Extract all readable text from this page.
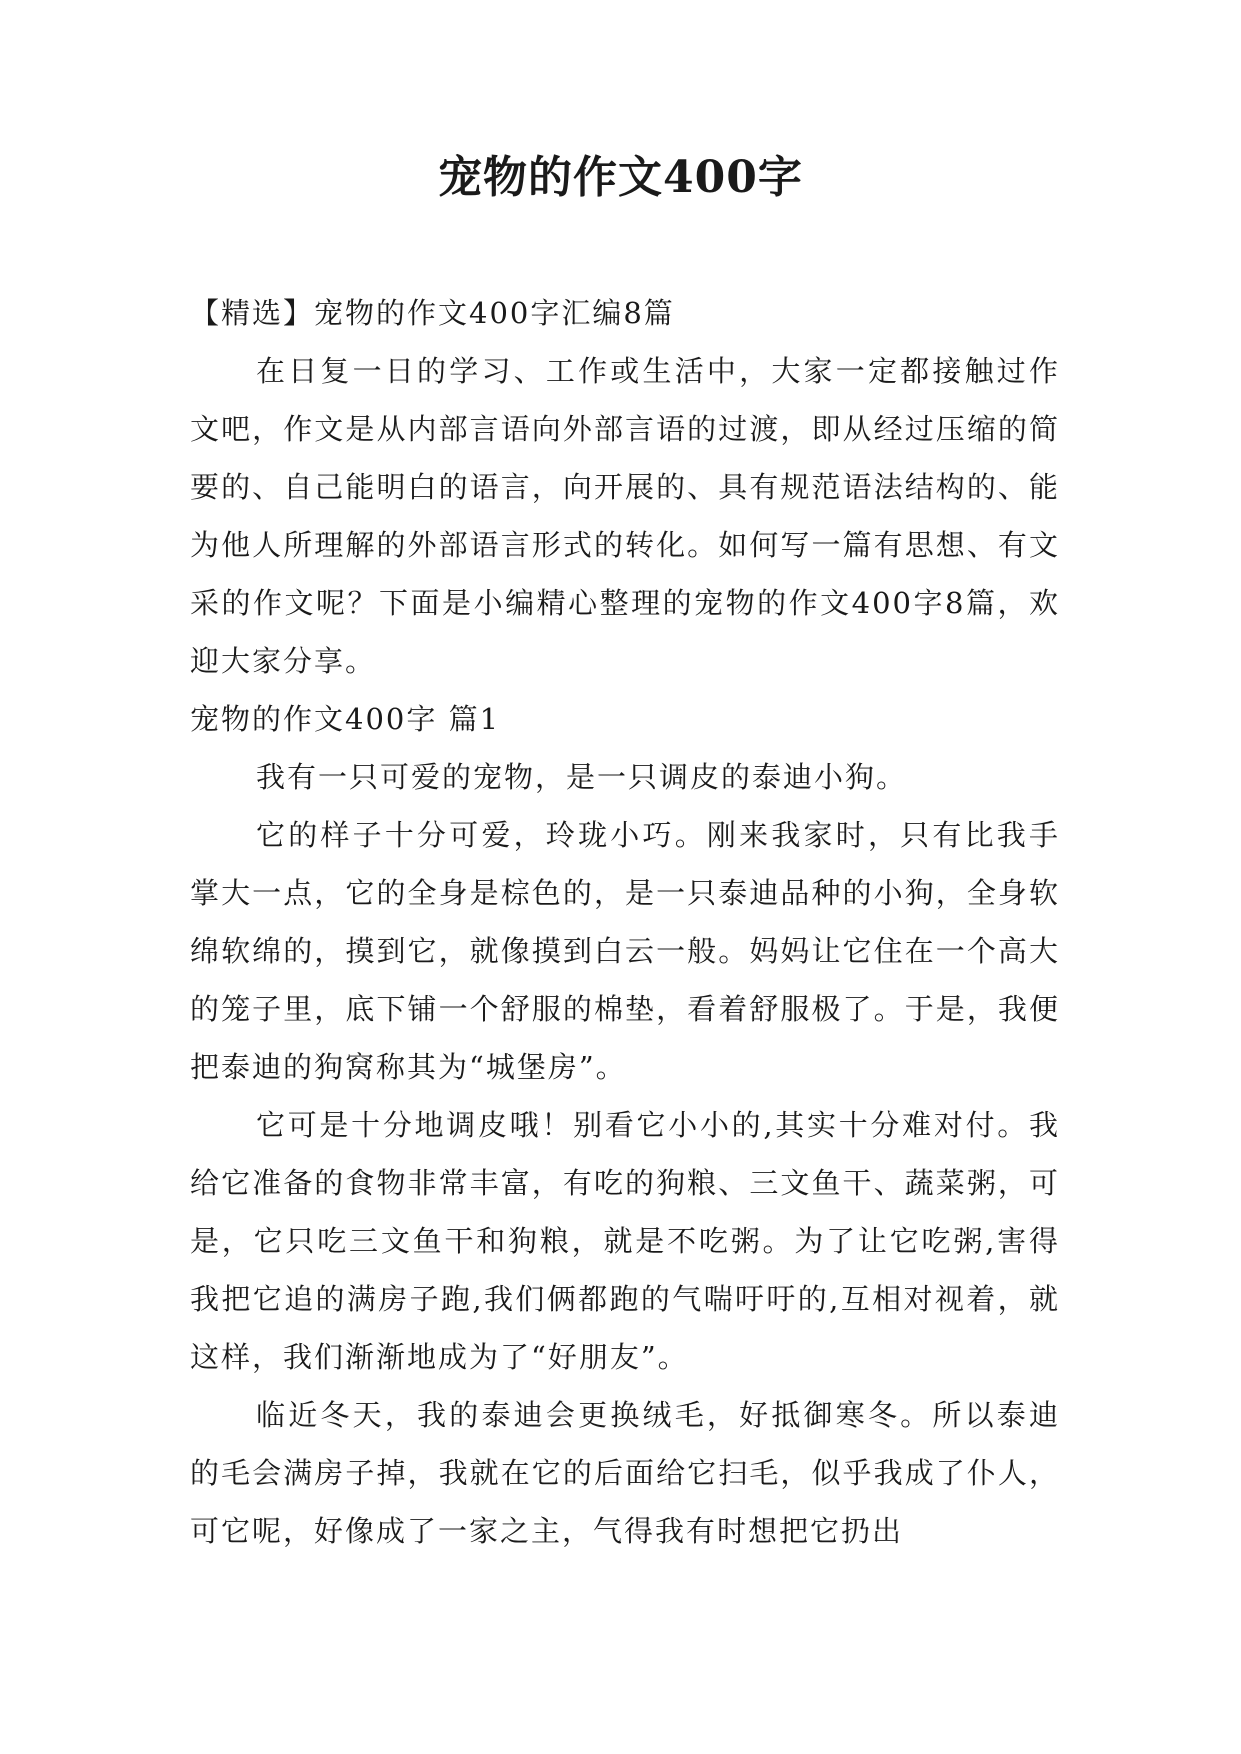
宠物的作文400字

【精选】宠物的作文400字汇编8篇

在日复一日的学习、工作或生活中，大家一定都接触过作文吧，作文是从内部言语向外部言语的过渡，即从经过压缩的简要的、自己能明白的语言，向开展的、具有规范语法结构的、能为他人所理解的外部语言形式的转化。如何写一篇有思想、有文采的作文呢？下面是小编精心整理的宠物的作文400字8篇，欢迎大家分享。

宠物的作文400字 篇1

我有一只可爱的宠物，是一只调皮的泰迪小狗。

它的样子十分可爱，玲珑小巧。刚来我家时，只有比我手掌大一点，它的全身是棕色的，是一只泰迪品种的小狗，全身软绵软绵的，摸到它，就像摸到白云一般。妈妈让它住在一个高大的笼子里，底下铺一个舒服的棉垫，看着舒服极了。于是，我便把泰迪的狗窝称其为“城堡房”。

它可是十分地调皮哦！别看它小小的,其实十分难对付。我给它准备的食物非常丰富，有吃的狗粮、三文鱼干、蔬菜粥，可是，它只吃三文鱼干和狗粮，就是不吃粥。为了让它吃粥,害得我把它追的满房子跑,我们俩都跑的气喘吁吁的,互相对视着，就这样，我们渐渐地成为了“好朋友”。

临近冬天，我的泰迪会更换绒毛，好抵御寒冬。所以泰迪的毛会满房子掉，我就在它的后面给它扫毛，似乎我成了仆人，可它呢，好像成了一家之主，气得我有时想把它扔出
